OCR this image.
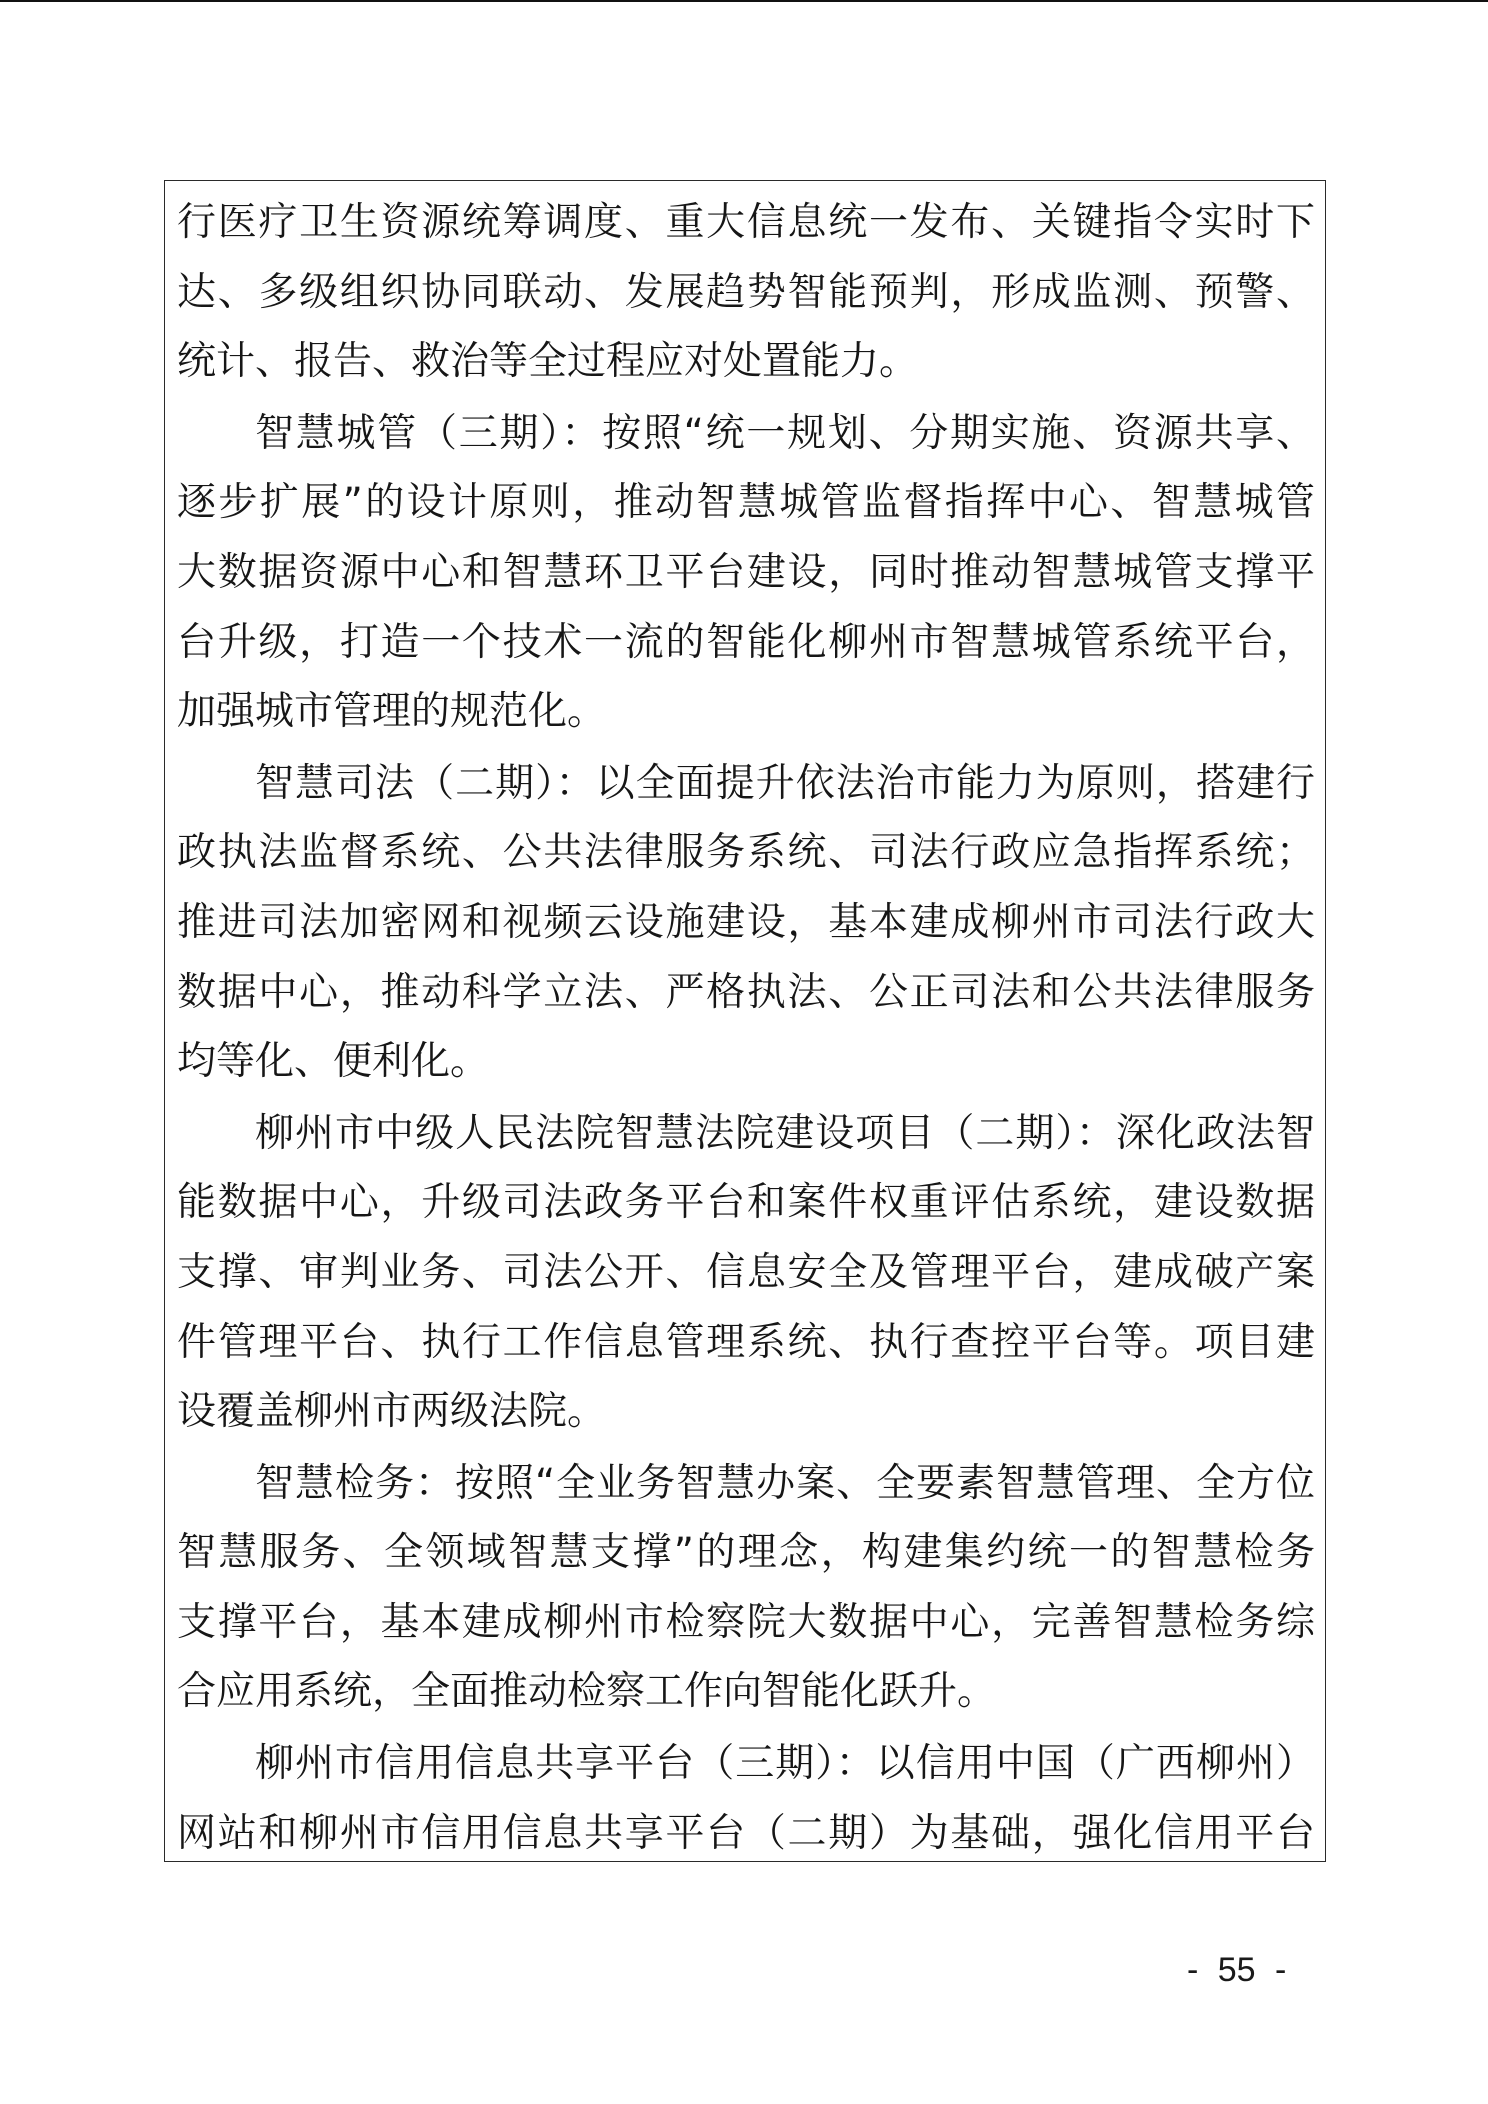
行医疗卫生资源统筹调度、重大信息统一发布、关键指令实时下
达、多级组织协同联动、发展趋势智能预判，形成监测、预警、
统计、报告、救治等全过程应对处置能力。
智慧城管（三期）：按照“统一规划、分期实施、资源共享、
逐步扩展”的设计原则，推动智慧城管监督指挥中心、智慧城管
大数据资源中心和智慧环卫平台建设，同时推动智慧城管支撑平
台升级，打造一个技术一流的智能化柳州市智慧城管系统平台，
加强城市管理的规范化。
智慧司法（二期）：以全面提升依法治市能力为原则，搭建行
政执法监督系统、公共法律服务系统、司法行政应急指挥系统；
推进司法加密网和视频云设施建设，基本建成柳州市司法行政大
数据中心，推动科学立法、严格执法、公正司法和公共法律服务
均等化、便利化。
柳州市中级人民法院智慧法院建设项目（二期）：深化政法智
能数据中心，升级司法政务平台和案件权重评估系统，建设数据
支撑、审判业务、司法公开、信息安全及管理平台，建成破产案
件管理平台、执行工作信息管理系统、执行查控平台等。项目建
设覆盖柳州市两级法院。
智慧检务：按照“全业务智慧办案、全要素智慧管理、全方位
智慧服务、全领域智慧支撑”的理念，构建集约统一的智慧检务
支撑平台，基本建成柳州市检察院大数据中心，完善智慧检务综
合应用系统，全面推动检察工作向智能化跃升。
柳州市信用信息共享平台（三期）：以信用中国（广西柳州）
网站和柳州市信用信息共享平台（二期）为基础，强化信用平台
- 55 -
